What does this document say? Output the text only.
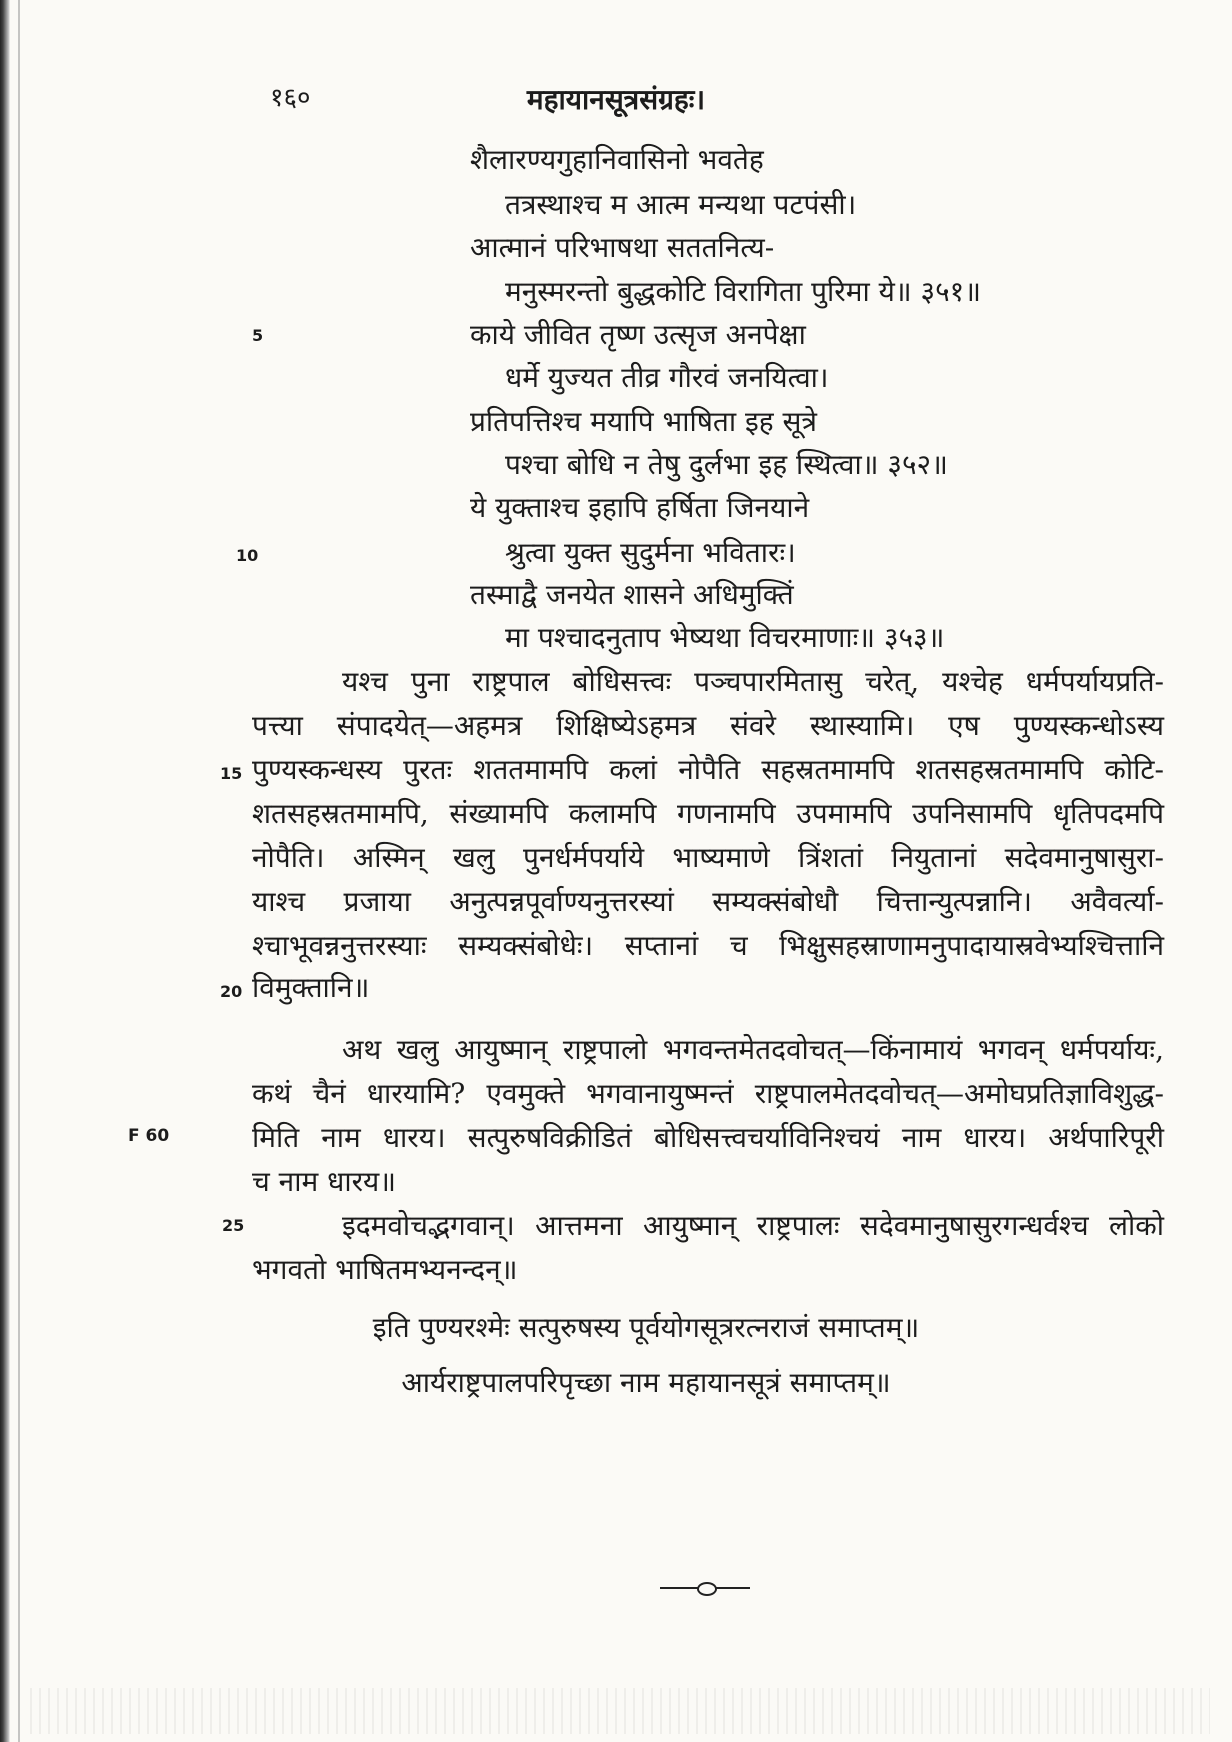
१६०	महायानसूत्रसंग्रहः।
शैलारण्यगुहानिवासिनो भवतेह
तत्रस्थाश्च म आत्म मन्यथा पटपंसी।
आत्मानं परिभाषथा सततनित्य-
मनुस्मरन्तो बुद्धकोटि विरागिता पुरिमा ये॥ ३५१॥
5	काये जीवित तृष्ण उत्सृज अनपेक्षा
धर्मे युज्यत तीव्र गौरवं जनयित्वा।
प्रतिपत्तिश्च मयापि भाषिता इह सूत्रे
पश्चा बोधि न तेषु दुर्लभा इह स्थित्वा॥ ३५२॥
ये युक्ताश्च इहापि हर्षिता जिनयाने
10	श्रुत्वा युक्त सुदुर्मना भवितारः।
तस्माद्वै जनयेत शासने अधिमुक्तिं
मा पश्चादनुताप भेष्यथा विचरमाणाः॥ ३५३॥
यश्च पुना राष्ट्रपाल बोधिसत्त्वः पञ्चपारमितासु चरेत्, यश्चेह धर्मपर्यायप्रति-
पत्त्या संपादयेत्—अहमत्र शिक्षिष्येऽहमत्र संवरे स्थास्यामि। एष पुण्यस्कन्धोऽस्य
15 पुण्यस्कन्धस्य पुरतः शततमामपि कलां नोपैति सहस्रतमामपि शतसहस्रतमामपि कोटि-
शतसहस्रतमामपि, संख्यामपि कलामपि गणनामपि उपमामपि उपनिसामपि धृतिपदमपि
नोपैति। अस्मिन् खलु पुनर्धर्मपर्याये भाष्यमाणे त्रिंशतां नियुतानां सदेवमानुषासुरा-
याश्च प्रजाया अनुत्पन्नपूर्वाण्यनुत्तरस्यां सम्यक्संबोधौ चित्तान्युत्पन्नानि। अवैवर्त्या-
श्चाभूवन्ननुत्तरस्याः सम्यक्संबोधेः। सप्तानां च भिक्षुसहस्राणामनुपादायास्रवेभ्यश्चित्तानि
20 विमुक्तानि॥
अथ खलु आयुष्मान् राष्ट्रपालो भगवन्तमेतदवोचत्—किंनामायं भगवन् धर्मपर्यायः,
कथं चैनं धारयामि? एवमुक्ते भगवानायुष्मन्तं राष्ट्रपालमेतदवोचत्—अमोघप्रतिज्ञाविशुद्ध-
F 60	मिति नाम धारय। सत्पुरुषविक्रीडितं बोधिसत्त्वचर्याविनिश्चयं नाम धारय। अर्थपारिपूरी
च नाम धारय॥
25	इदमवोचद्भगवान्। आत्तमना आयुष्मान् राष्ट्रपालः सदेवमानुषासुरगन्धर्वश्च लोको
भगवतो भाषितमभ्यनन्दन्॥
इति पुण्यरश्मेः सत्पुरुषस्य पूर्वयोगसूत्ररत्नराजं समाप्तम्॥
आर्यराष्ट्रपालपरिपृच्छा नाम महायानसूत्रं समाप्तम्॥
